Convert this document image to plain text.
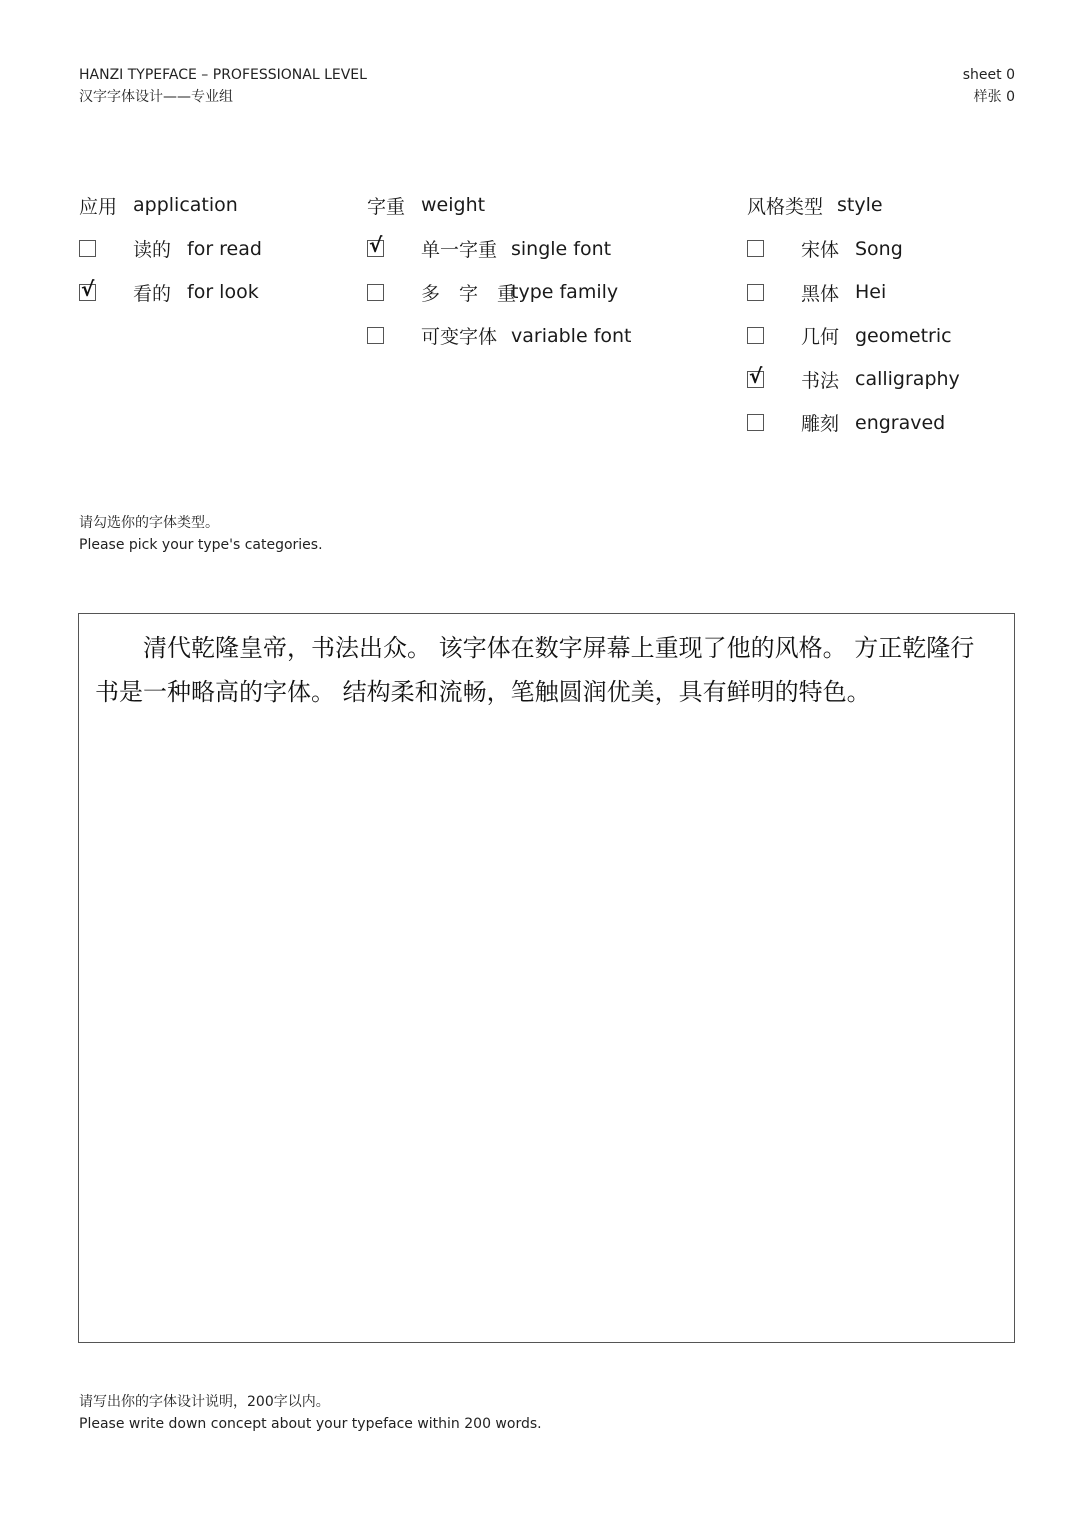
HANZI TYPEFACE – PROFESSIONAL LEVEL
汉字字体设计——专业组
sheet 0
样张 0
应用 application
读的 for read
√ 看的 for look
字重 weight
√ 单一字重 single font
多　字　重
type family
可变字体 variable font
风格类型 style
宋体 Song
黑体 Hei
几何 geometric
√ 书法 calligraphy
雕刻 engraved
请勾选你的字体类型。
Please pick your type's categories.

清代乾隆皇帝，书法出众。 该字体在数字屏幕上重现了他的风格。 方正乾隆行书是一种略高的字体。 结构柔和流畅，笔触圆润优美，具有鲜明的特色。

请写出你的字体设计说明，200字以内。
Please write down concept about your typeface within 200 words.
